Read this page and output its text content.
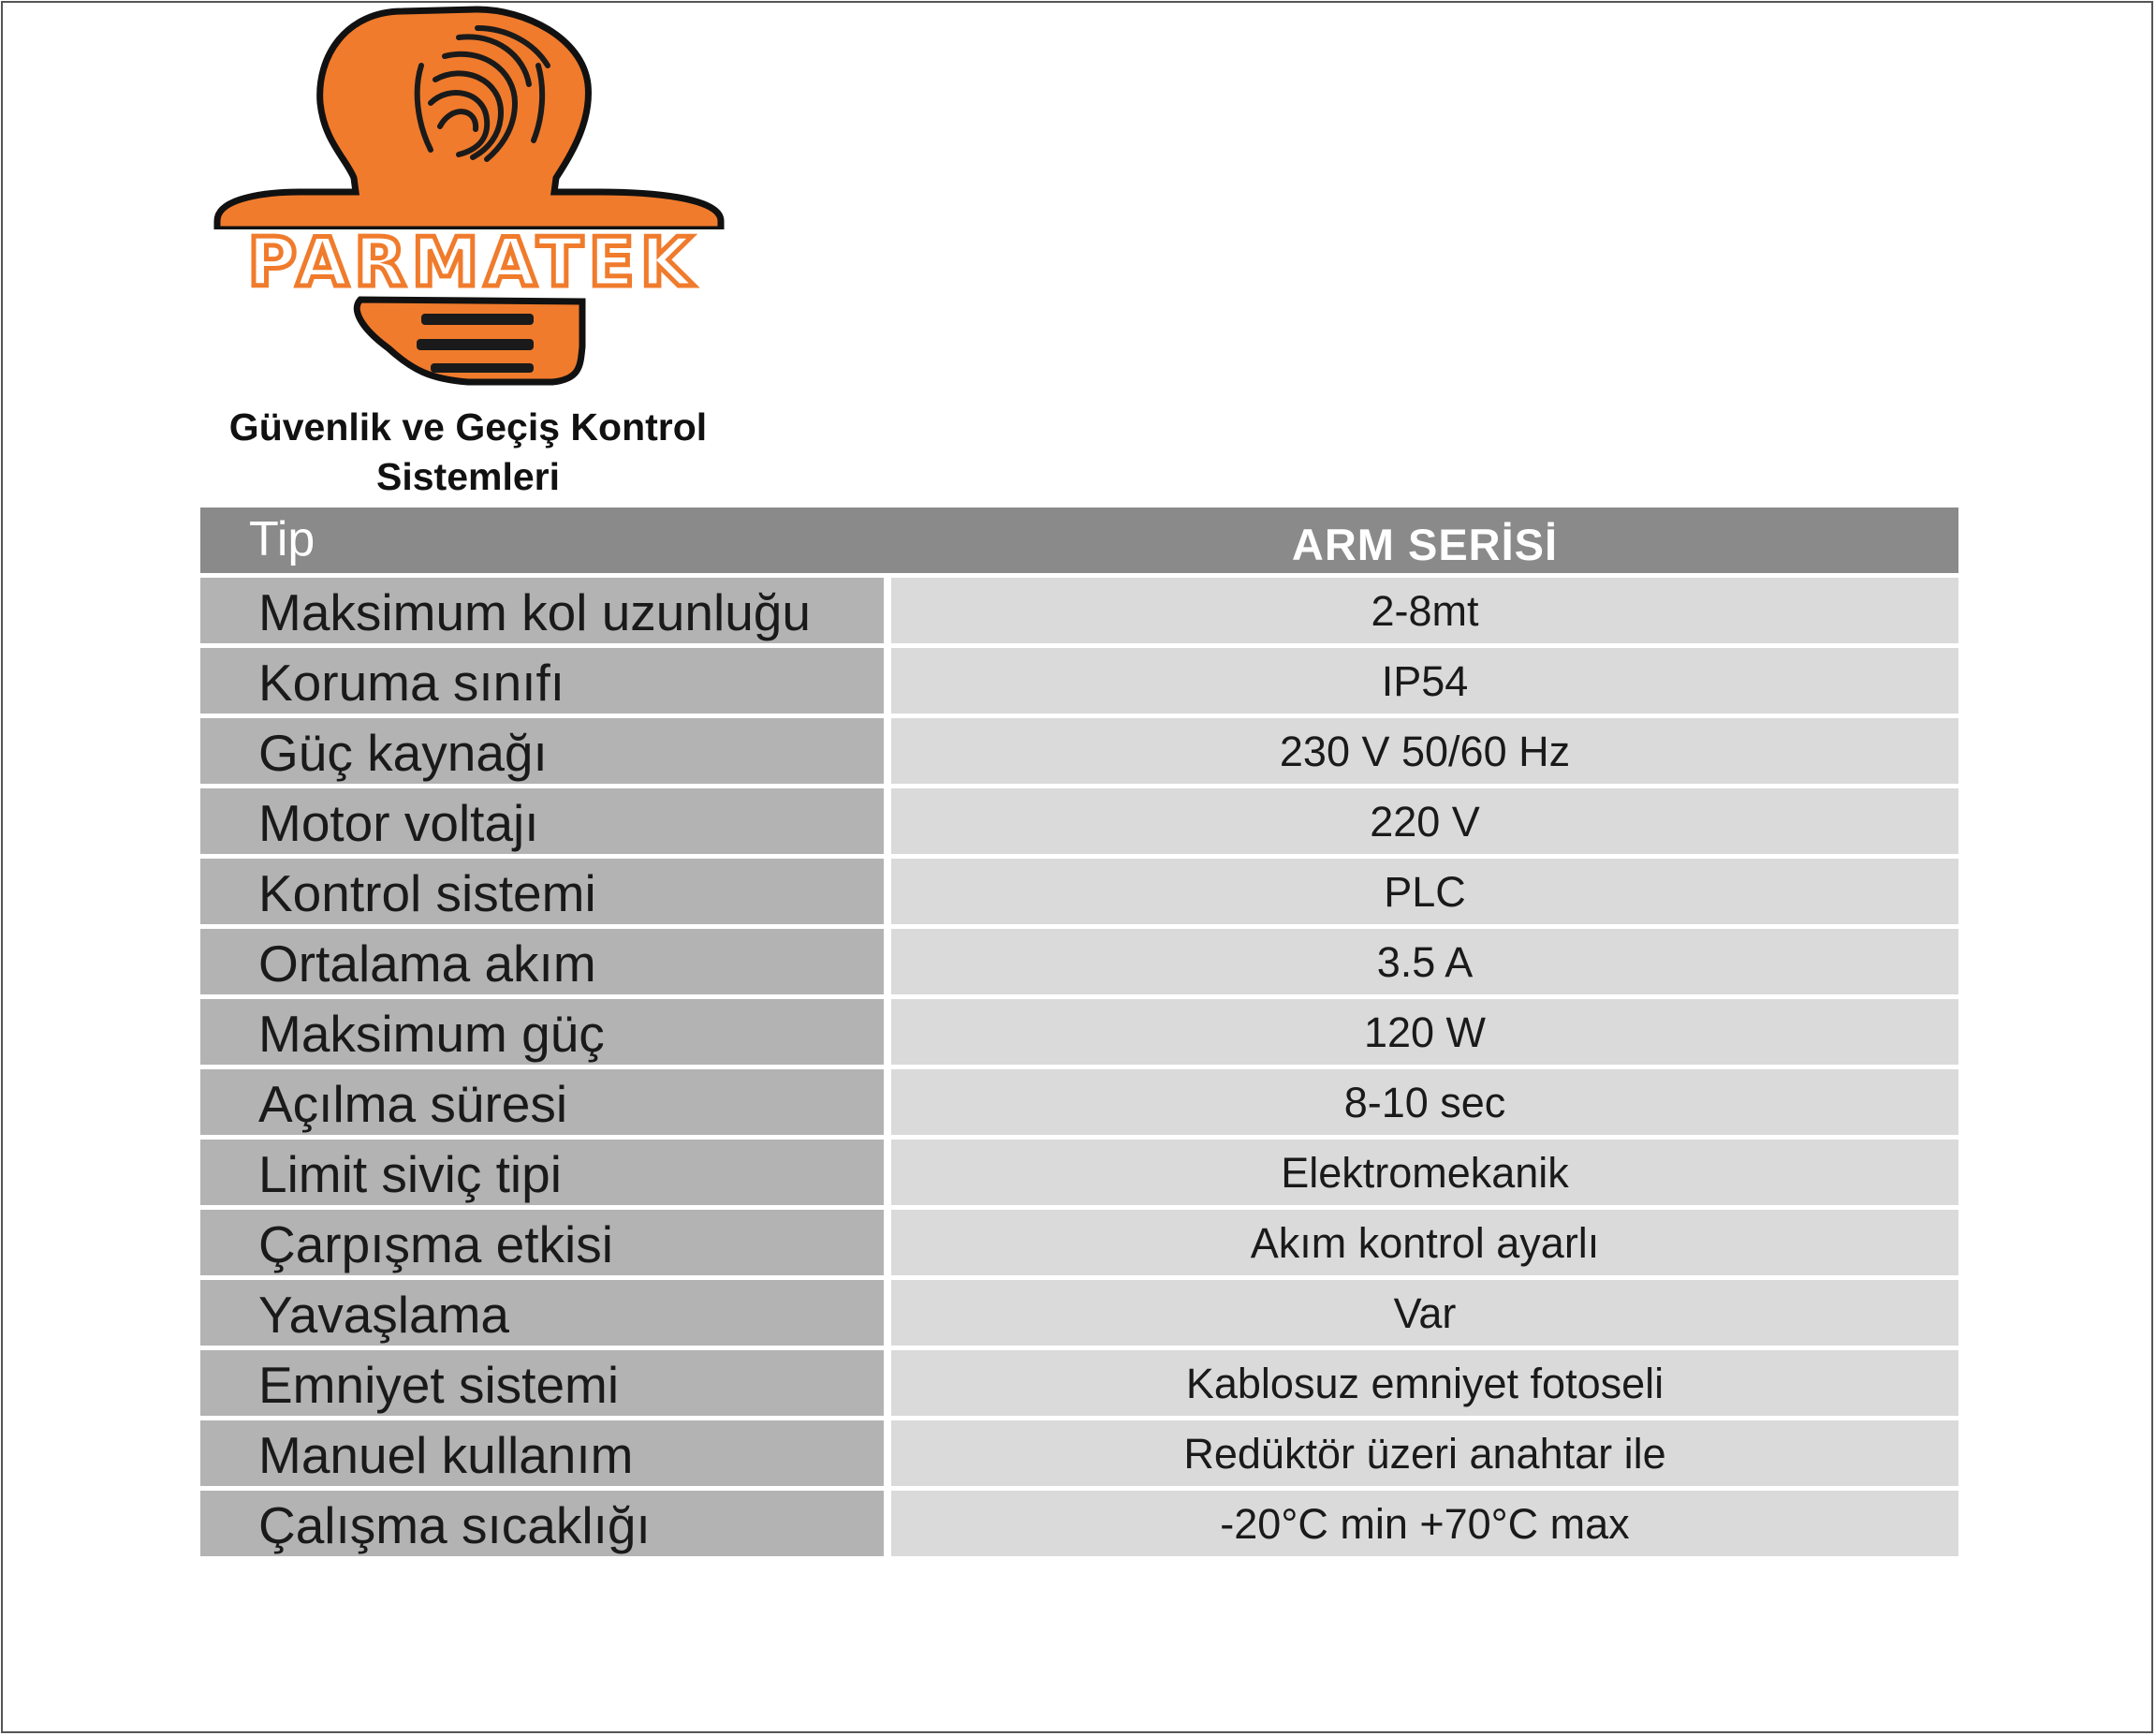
PARMATEK
Güvenlik ve Geçiş Kontrol
Sistemleri
Tip	ARM SERİSİ
Maksimum kol uzunluğu	2-8mt
Koruma sınıfı	IP54
Güç kaynağı	230 V 50/60 Hz
Motor voltajı	220 V
Kontrol sistemi	PLC
Ortalama akım	3.5 A
Maksimum güç	120 W
Açılma süresi	8-10 sec
Limit siviç tipi	Elektromekanik
Çarpışma etkisi	Akım kontrol ayarlı
Yavaşlama	Var
Emniyet sistemi	Kablosuz emniyet fotoseli
Manuel kullanım	Redüktör üzeri anahtar ile
Çalışma sıcaklığı	-20°C min +70°C max
